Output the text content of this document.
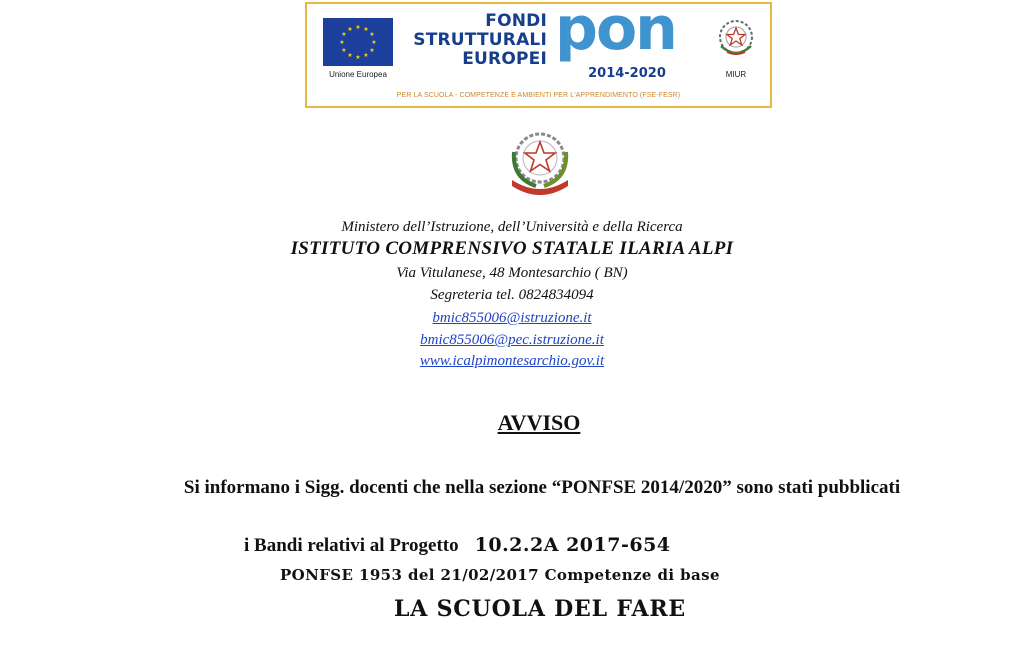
★ ★
★
★
★
★
★
★
★
★
★
★
Unione Europea
FONDI
STRUTTURALI
EUROPEI pon
2014-2020	MIUR
PER LA SCUOLA - COMPETENZE E AMBIENTI PER L'APPRENDIMENTO (FSE-FESR)
Ministero dell’Istruzione, dell’Università e della Ricerca
ISTITUTO COMPRENSIVO STATALE ILARIA ALPI
Via Vitulanese, 48 Montesarchio ( BN)
Segreteria tel. 0824834094
bmic855006@istruzione.it
bmic855006@pec.istruzione.it
www.icalpimontesarchio.gov.it
AVVISO
Si informano i Sigg. docenti che nella sezione “PONFSE 2014/2020” sono stati pubblicati
i Bandi relativi al Progetto 10.2.2A 2017-654
PONFSE 1953 del 21/02/2017 Competenze di base
LA SCUOLA DEL FARE
